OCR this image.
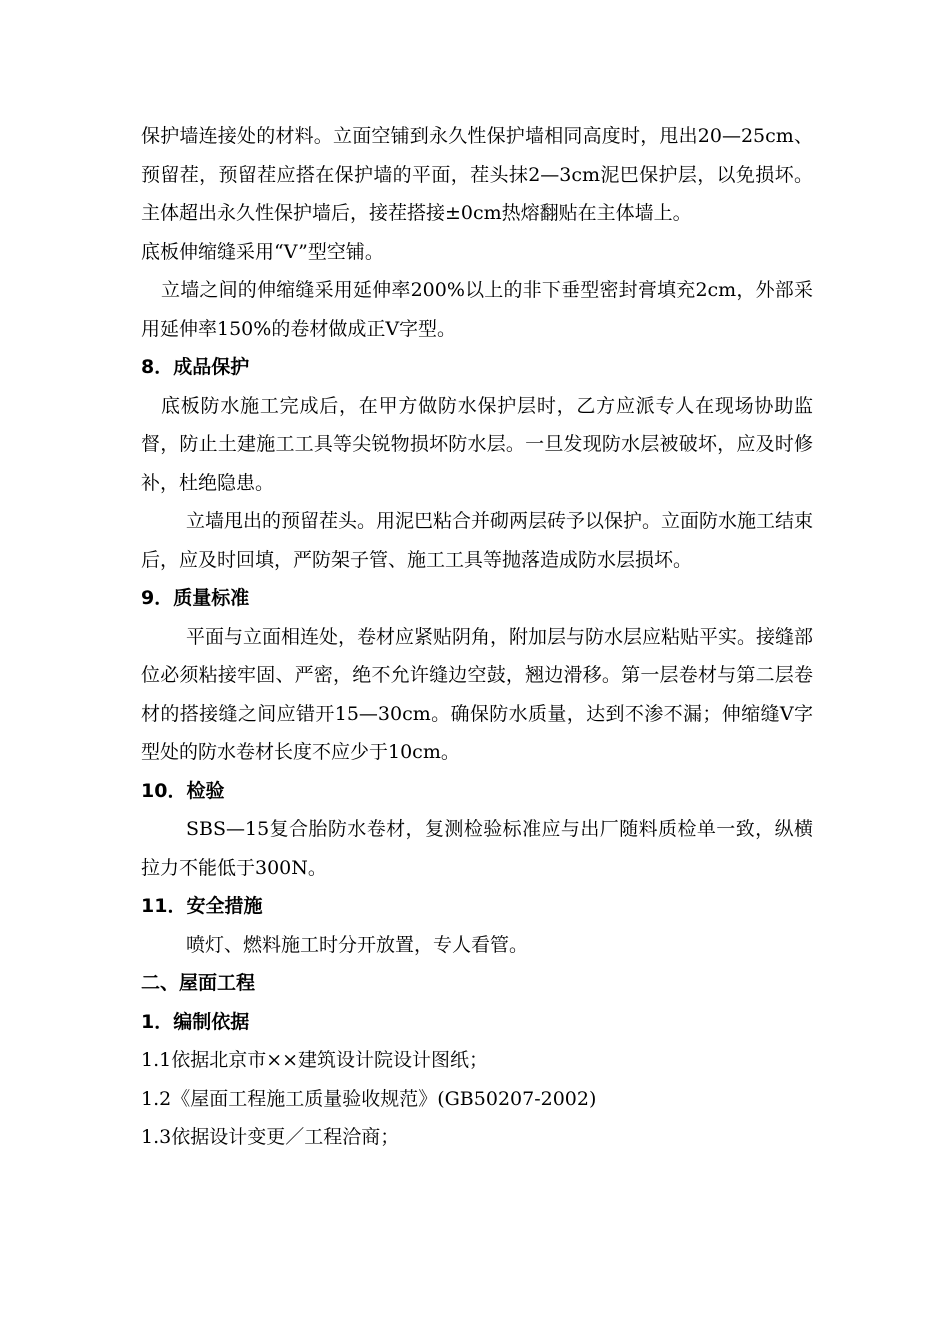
保护墙连接处的材料。立面空铺到永久性保护墙相同高度时，甩出20—25cm、预留茬，预留茬应搭在保护墙的平面，茬头抹2—3cm泥巴保护层，以免损坏。主体超出永久性保护墙后，接茬搭接±0cm热熔翻贴在主体墙上。

底板伸缩缝采用“V”型空铺。

立墙之间的伸缩缝采用延伸率200%以上的非下垂型密封膏填充2cm，外部采用延伸率150%的卷材做成正V字型。

8．成品保护

底板防水施工完成后，在甲方做防水保护层时，乙方应派专人在现场协助监督，防止土建施工工具等尖锐物损坏防水层。一旦发现防水层被破坏，应及时修补，杜绝隐患。

立墙甩出的预留茬头。用泥巴粘合并砌两层砖予以保护。立面防水施工结束后，应及时回填，严防架子管、施工工具等抛落造成防水层损坏。

9．质量标准

平面与立面相连处，卷材应紧贴阴角，附加层与防水层应粘贴平实。接缝部位必须粘接牢固、严密，绝不允许缝边空鼓，翘边滑移。第一层卷材与第二层卷材的搭接缝之间应错开15—30cm。确保防水质量，达到不渗不漏；伸缩缝V字型处的防水卷材长度不应少于10cm。

10．检验

SBS—15复合胎防水卷材，复测检验标准应与出厂随料质检单一致，纵横拉力不能低于300N。

11．安全措施

喷灯、燃料施工时分开放置，专人看管。

二、屋面工程

1．编制依据

1.1依据北京市××建筑设计院设计图纸；

1.2《屋面工程施工质量验收规范》(GB50207-2002)

1.3依据设计变更／工程洽商；
